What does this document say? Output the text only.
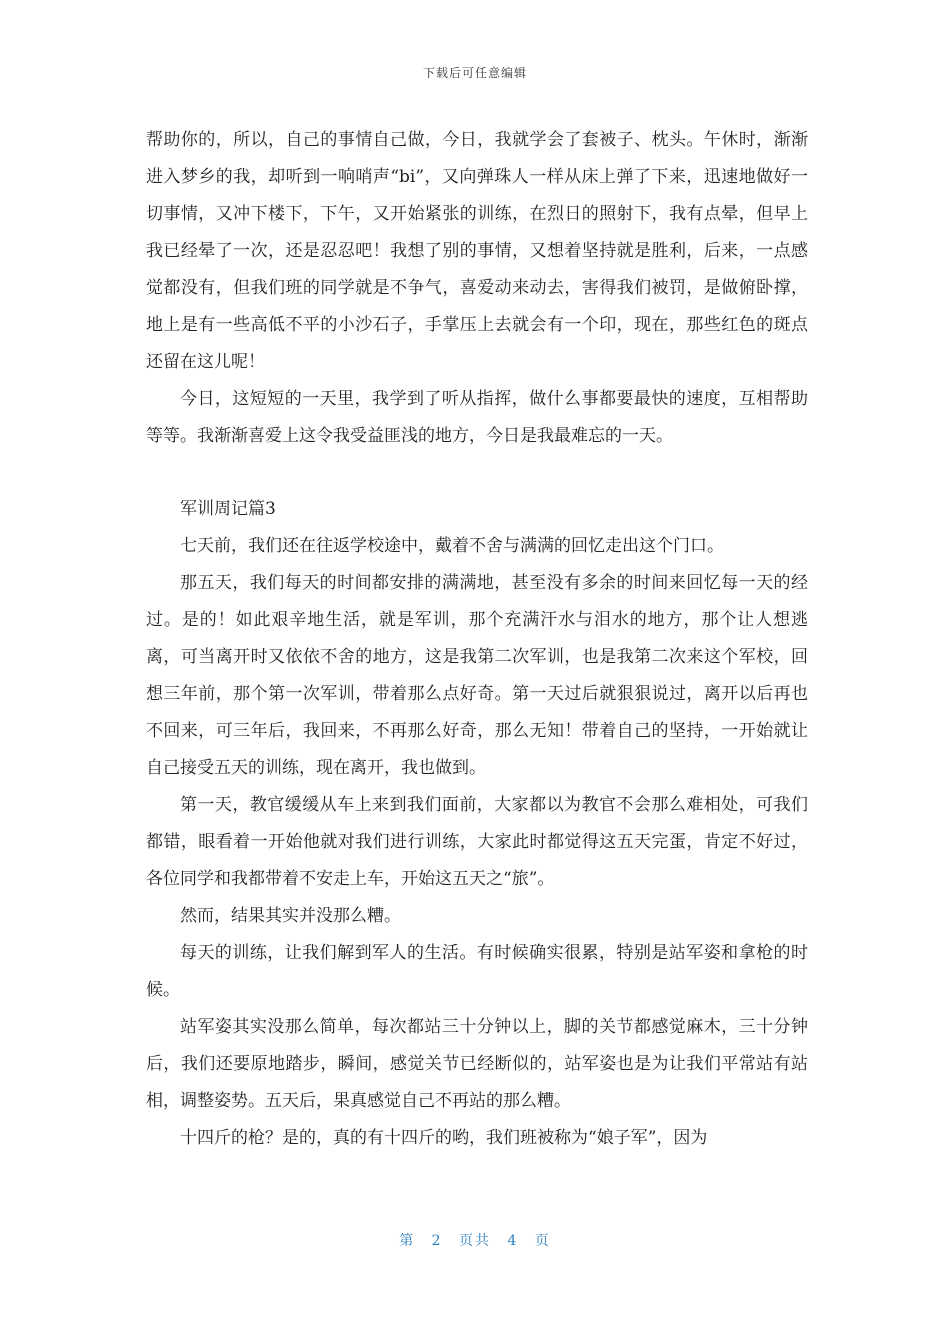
下载后可任意编辑

帮助你的，所以，自己的事情自己做，今日，我就学会了套被子、枕头。午休时，渐渐进入梦乡的我，却听到一响哨声“bi”，又向弹珠人一样从床上弹了下来，迅速地做好一切事情，又冲下楼下，下午，又开始紧张的训练，在烈日的照射下，我有点晕，但早上我已经晕了一次，还是忍忍吧！我想了别的事情，又想着坚持就是胜利，后来，一点感觉都没有，但我们班的同学就是不争气，喜爱动来动去，害得我们被罚，是做俯卧撑，地上是有一些高低不平的小沙石子，手掌压上去就会有一个印，现在，那些红色的斑点还留在这儿呢！

今日，这短短的一天里，我学到了听从指挥，做什么事都要最快的速度，互相帮助等等。我渐渐喜爱上这令我受益匪浅的地方，今日是我最难忘的一天。

军训周记篇3

七天前，我们还在往返学校途中，戴着不舍与满满的回忆走出这个门口。

那五天，我们每天的时间都安排的满满地，甚至没有多余的时间来回忆每一天的经过。是的！如此艰辛地生活，就是军训，那个充满汗水与泪水的地方，那个让人想逃离，可当离开时又依依不舍的地方，这是我第二次军训，也是我第二次来这个军校，回想三年前，那个第一次军训，带着那么点好奇。第一天过后就狠狠说过，离开以后再也不回来，可三年后，我回来，不再那么好奇，那么无知！带着自己的坚持，一开始就让自己接受五天的训练，现在离开，我也做到。

第一天，教官缓缓从车上来到我们面前，大家都以为教官不会那么难相处，可我们都错，眼看着一开始他就对我们进行训练，大家此时都觉得这五天完蛋，肯定不好过，各位同学和我都带着不安走上车，开始这五天之“旅”。

然而，结果其实并没那么糟。

每天的训练，让我们解到军人的生活。有时候确实很累，特别是站军姿和拿枪的时候。

站军姿其实没那么简单，每次都站三十分钟以上，脚的关节都感觉麻木，三十分钟后，我们还要原地踏步，瞬间，感觉关节已经断似的，站军姿也是为让我们平常站有站相，调整姿势。五天后，果真感觉自己不再站的那么糟。

十四斤的枪？是的，真的有十四斤的哟，我们班被称为“娘子军”，因为

第 2 页共 4 页
